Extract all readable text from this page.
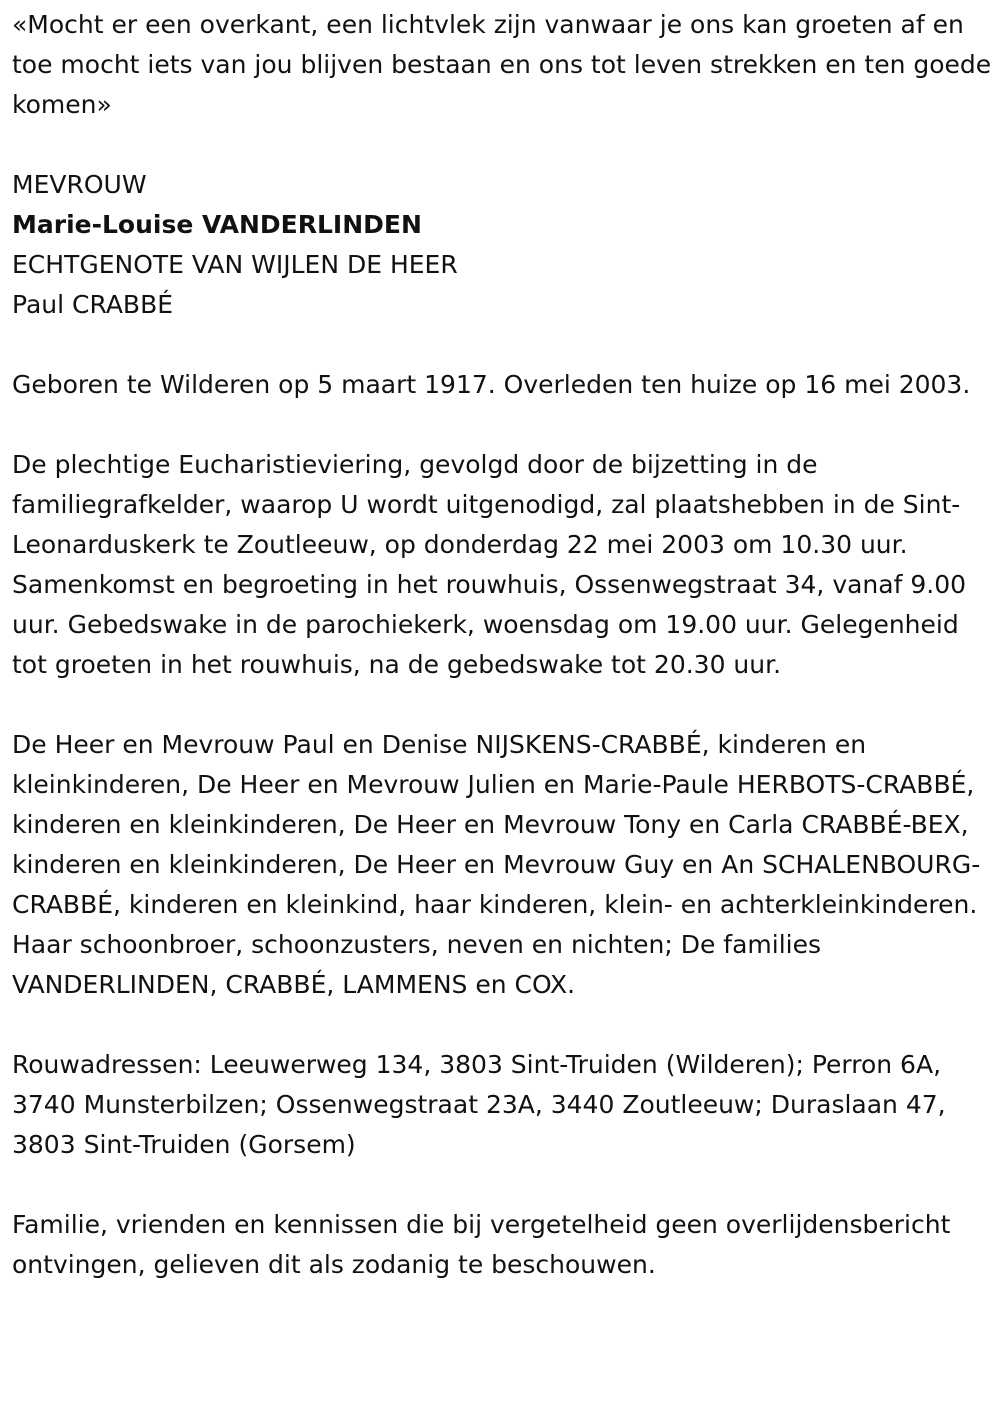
«Mocht er een overkant, een lichtvlek zijn vanwaar je ons kan groeten af en toe mocht iets van jou blijven bestaan en ons tot leven strekken en ten goede komen»

MEVROUW

Marie-Louise VANDERLINDEN

ECHTGENOTE VAN WIJLEN DE HEER

Paul CRABBÉ

Geboren te Wilderen op 5 maart 1917. Overleden ten huize op 16 mei 2003.

De plechtige Eucharistieviering, gevolgd door de bijzetting in de familiegrafkelder, waarop U wordt uitgenodigd, zal plaatshebben in de Sint-Leonarduskerk te Zoutleeuw, op donderdag 22 mei 2003 om 10.30 uur. Samenkomst en begroeting in het rouwhuis, Ossenwegstraat 34, vanaf 9.00 uur. Gebedswake in de parochiekerk, woensdag om 19.00 uur. Gelegenheid tot groeten in het rouwhuis, na de gebedswake tot 20.30 uur.

De Heer en Mevrouw Paul en Denise NIJSKENS-CRABBÉ, kinderen en kleinkinderen, De Heer en Mevrouw Julien en Marie-Paule HERBOTS-CRABBÉ, kinderen en kleinkinderen, De Heer en Mevrouw Tony en Carla CRABBÉ-BEX, kinderen en kleinkinderen, De Heer en Mevrouw Guy en An SCHALENBOURG-CRABBÉ, kinderen en kleinkind, haar kinderen, klein- en achterkleinkinderen. Haar schoonbroer, schoonzusters, neven en nichten; De families VANDERLINDEN, CRABBÉ, LAMMENS en COX.

Rouwadressen: Leeuwerweg 134, 3803 Sint-Truiden (Wilderen); Perron 6A, 3740 Munsterbilzen; Ossenwegstraat 23A, 3440 Zoutleeuw; Duraslaan 47, 3803 Sint-Truiden (Gorsem)

Familie, vrienden en kennissen die bij vergetelheid geen overlijdensbericht ontvingen, gelieven dit als zodanig te beschouwen.
